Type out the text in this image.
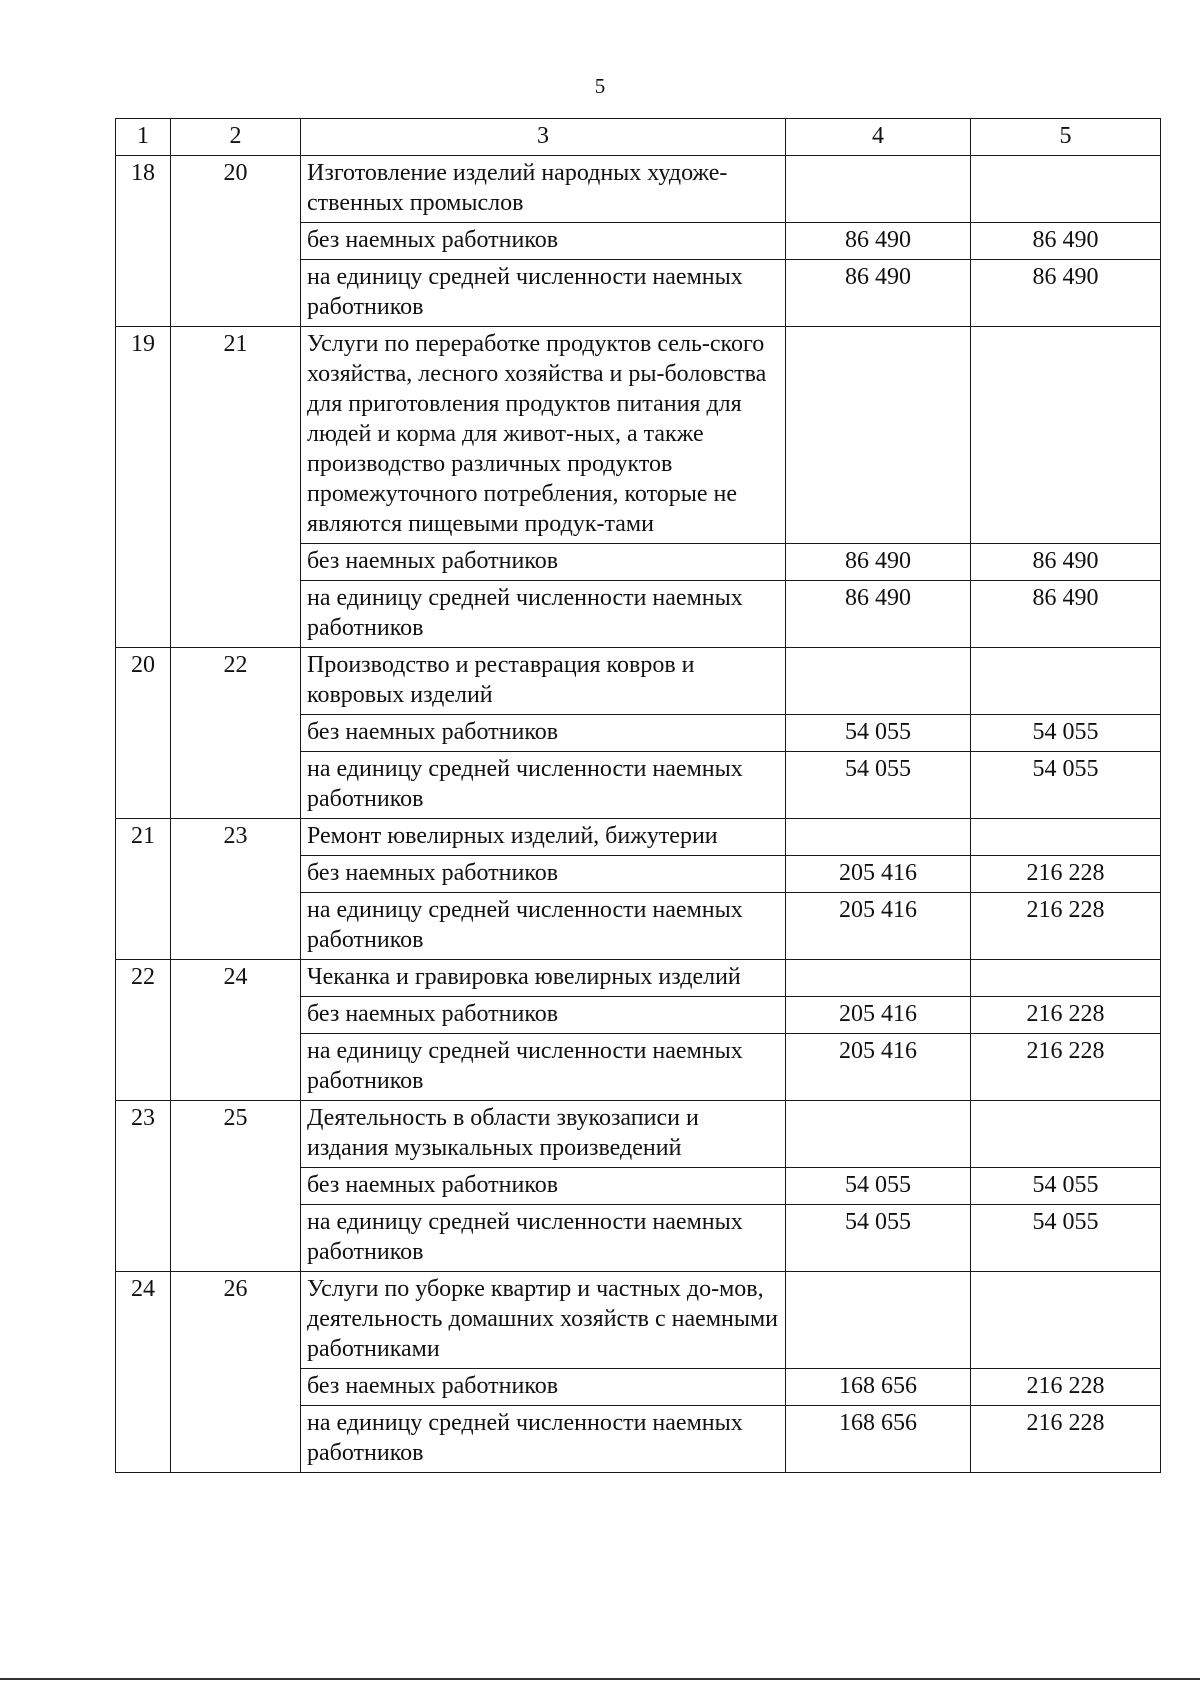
5
1	2	3	4	5
18	20	Изготовление изделий народных художе-ственных промыслов		
		без наемных работников	86 490	86 490
		на единицу средней численности наемных работников	86 490	86 490
19	21	Услуги по переработке продуктов сель-ского хозяйства, лесного хозяйства и ры-боловства для приготовления продуктов питания для людей и корма для живот-ных, а также производство различных продуктов промежуточного потребления, которые не являются пищевыми продук-тами		
		без наемных работников	86 490	86 490
		на единицу средней численности наемных работников	86 490	86 490
20	22	Производство и реставрация ковров и ковровых изделий		
		без наемных работников	54 055	54 055
		на единицу средней численности наемных работников	54 055	54 055
21	23	Ремонт ювелирных изделий, бижутерии		
		без наемных работников	205 416	216 228
		на единицу средней численности наемных работников	205 416	216 228
22	24	Чеканка и гравировка ювелирных изделий		
		без наемных работников	205 416	216 228
		на единицу средней численности наемных работников	205 416	216 228
23	25	Деятельность в области звукозаписи и издания музыкальных произведений		
		без наемных работников	54 055	54 055
		на единицу средней численности наемных работников	54 055	54 055
24	26	Услуги по уборке квартир и частных до-мов, деятельность домашних хозяйств с наемными работниками		
		без наемных работников	168 656	216 228
		на единицу средней численности наемных работников	168 656	216 228
